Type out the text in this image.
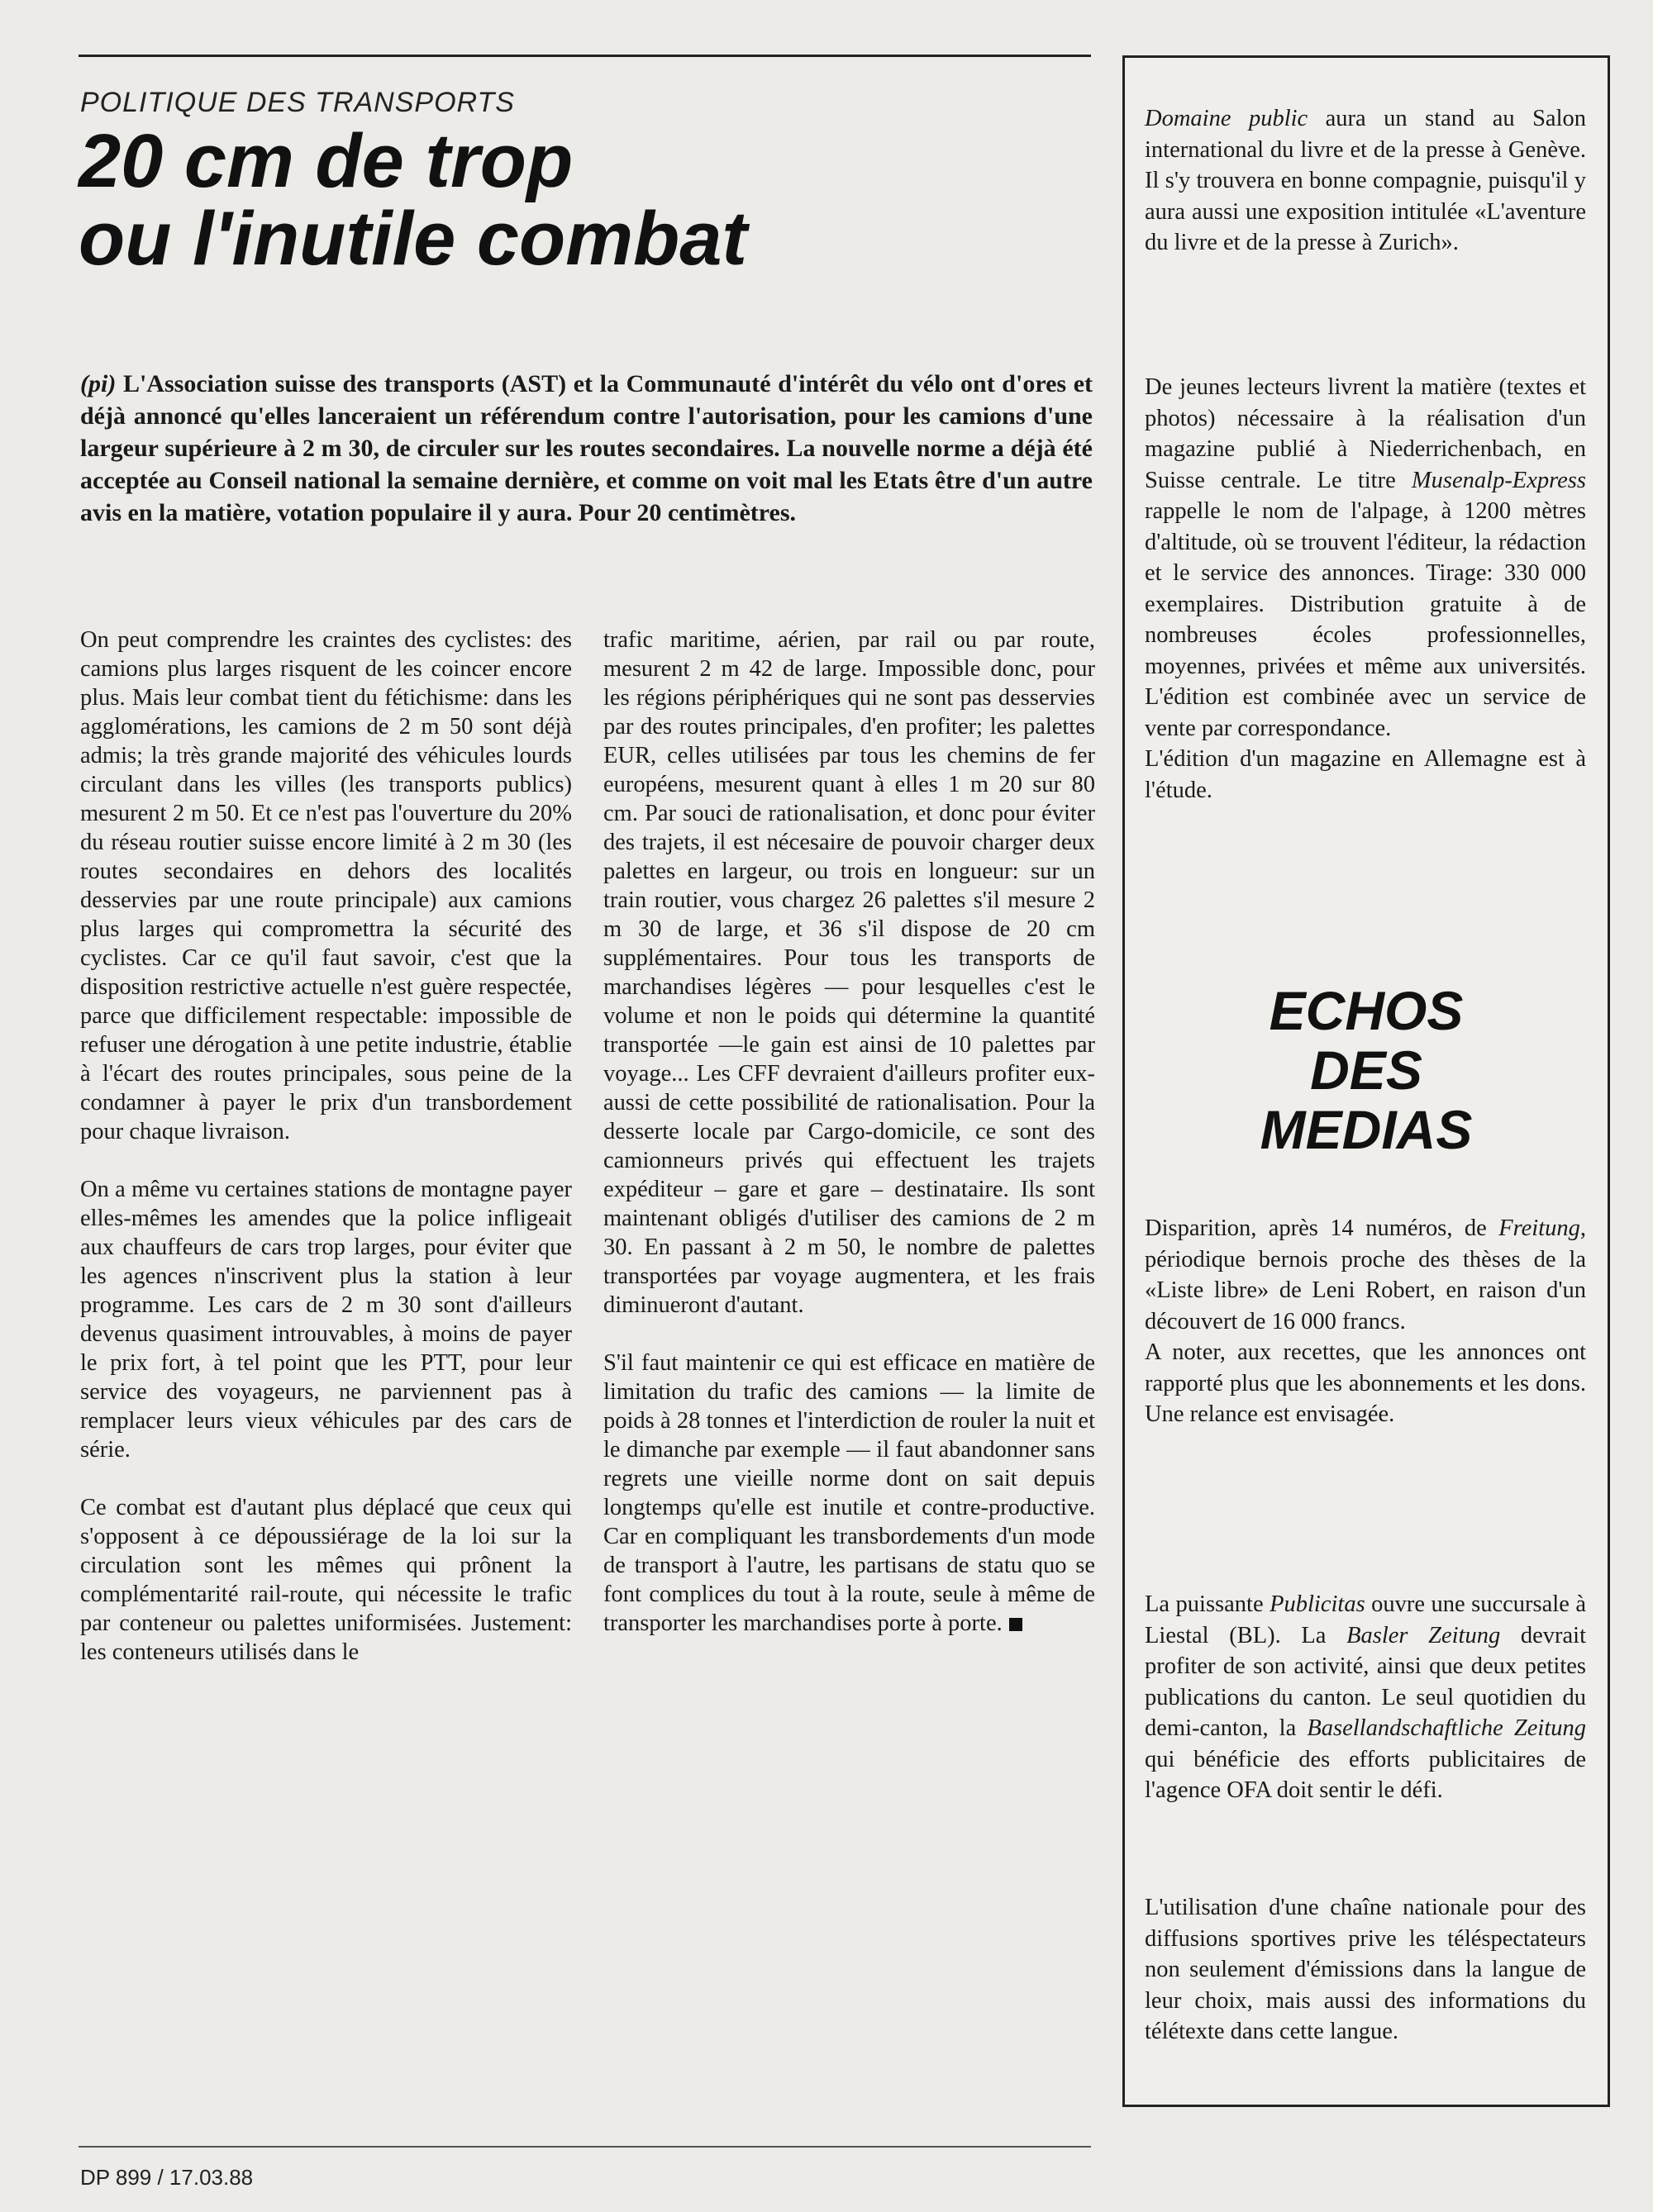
POLITIQUE DES TRANSPORTS
20 cm de trop
ou l'inutile combat
(pi) L'Association suisse des transports (AST) et la Communauté d'intérêt du vélo ont d'ores et déjà annoncé qu'elles lanceraient un référendum contre l'autorisation, pour les camions d'une largeur supérieure à 2 m 30, de circuler sur les routes secondaires. La nouvelle norme a déjà été acceptée au Conseil national la semaine dernière, et comme on voit mal les Etats être d'un autre avis en la matière, votation populaire il y aura. Pour 20 centimètres.

On peut comprendre les craintes des cyclistes: des camions plus larges risquent de les coincer encore plus. Mais leur combat tient du fétichisme: dans les agglomérations, les camions de 2 m 50 sont déjà admis; la très grande majorité des véhicules lourds circulant dans les villes (les transports publics) mesurent 2 m 50. Et ce n'est pas l'ouverture du 20% du réseau routier suisse encore limité à 2 m 30 (les routes secondaires en dehors des localités desservies par une route principale) aux camions plus larges qui compromettra la sécurité des cyclistes. Car ce qu'il faut savoir, c'est que la disposition restrictive actuelle n'est guère respectée, parce que difficilement respectable: impossible de refuser une dérogation à une petite industrie, établie à l'écart des routes principales, sous peine de la condamner à payer le prix d'un transbordement pour chaque livraison.

On a même vu certaines stations de montagne payer elles-mêmes les amendes que la police infligeait aux chauffeurs de cars trop larges, pour éviter que les agences n'inscrivent plus la station à leur programme. Les cars de 2 m 30 sont d'ailleurs devenus quasiment introuvables, à moins de payer le prix fort, à tel point que les PTT, pour leur service des voyageurs, ne parviennent pas à remplacer leurs vieux véhicules par des cars de série.

Ce combat est d'autant plus déplacé que ceux qui s'opposent à ce dépoussiérage de la loi sur la circulation sont les mêmes qui prônent la complémentarité rail-route, qui nécessite le trafic par conteneur ou palettes uniformisées. Justement: les conteneurs utilisés dans le

trafic maritime, aérien, par rail ou par route, mesurent 2 m 42 de large. Impossible donc, pour les régions périphériques qui ne sont pas desservies par des routes principales, d'en profiter; les palettes EUR, celles utilisées par tous les chemins de fer européens, mesurent quant à elles 1 m 20 sur 80 cm. Par souci de rationalisation, et donc pour éviter des trajets, il est nécesaire de pouvoir charger deux palettes en largeur, ou trois en longueur: sur un train routier, vous chargez 26 palettes s'il mesure 2 m 30 de large, et 36 s'il dispose de 20 cm supplémentaires. Pour tous les transports de marchandises légères — pour lesquelles c'est le volume et non le poids qui détermine la quantité transportée —le gain est ainsi de 10 palettes par voyage... Les CFF devraient d'ailleurs profiter eux-aussi de cette possibilité de rationalisation. Pour la desserte locale par Cargo-domicile, ce sont des camionneurs privés qui effectuent les trajets expéditeur – gare et gare – destinataire. Ils sont maintenant obligés d'utiliser des camions de 2 m 30. En passant à 2 m 50, le nombre de palettes transportées par voyage augmentera, et les frais diminueront d'autant.

S'il faut maintenir ce qui est efficace en matière de limitation du trafic des camions — la limite de poids à 28 tonnes et l'interdiction de rouler la nuit et le dimanche par exemple — il faut abandonner sans regrets une vieille norme dont on sait depuis longtemps qu'elle est inutile et contre-productive. Car en compliquant les transbordements d'un mode de transport à l'autre, les partisans de statu quo se font complices du tout à la route, seule à même de transporter les marchandises porte à porte.

Domaine public aura un stand au Salon international du livre et de la presse à Genève. Il s'y trouvera en bonne compagnie, puisqu'il y aura aussi une exposition intitulée «L'aventure du livre et de la presse à Zurich».

De jeunes lecteurs livrent la matière (textes et photos) nécessaire à la réalisation d'un magazine publié à Niederrichenbach, en Suisse centrale. Le titre Musenalp-Express rappelle le nom de l'alpage, à 1200 mètres d'altitude, où se trouvent l'éditeur, la rédaction et le service des annonces. Tirage: 330 000 exemplaires. Distribution gratuite à de nombreuses écoles professionnelles, moyennes, privées et même aux universités. L'édition est combinée avec un service de vente par correspondance.

L'édition d'un magazine en Allemagne est à l'étude.

ECHOS
DES
MEDIAS

Disparition, après 14 numéros, de Freitung, périodique bernois proche des thèses de la «Liste libre» de Leni Robert, en raison d'un découvert de 16 000 francs.

A noter, aux recettes, que les annonces ont rapporté plus que les abonnements et les dons. Une relance est envisagée.

La puissante Publicitas ouvre une succursale à Liestal (BL). La Basler Zeitung devrait profiter de son activité, ainsi que deux petites publications du canton. Le seul quotidien du demi-canton, la Basellandschaftliche Zeitung qui bénéficie des efforts publicitaires de l'agence OFA doit sentir le défi.

L'utilisation d'une chaîne nationale pour des diffusions sportives prive les téléspectateurs non seulement d'émissions dans la langue de leur choix, mais aussi des informations du télétexte dans cette langue.

DP 899 / 17.03.88
